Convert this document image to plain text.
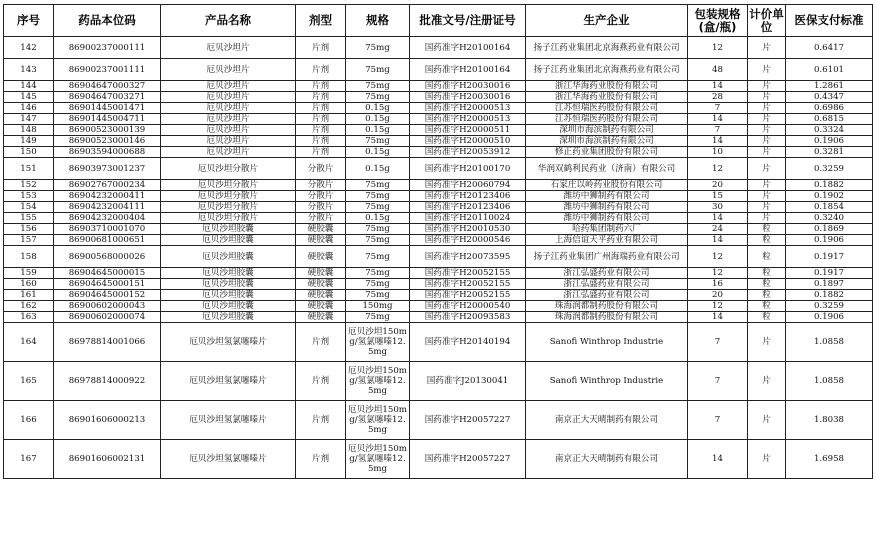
序号	药品本位码	产品名称	剂型	规格	批准文号/注册证号	生产企业	包装规格(盒/瓶)	计价单位	医保支付标准
142	86900237000111	厄贝沙坦片	片剂	75mg	国药准字H20100164	扬子江药业集团北京海燕药业有限公司	12	片	0.6417
143	86900237001111	厄贝沙坦片	片剂	75mg	国药准字H20100164	扬子江药业集团北京海燕药业有限公司	48	片	0.6101
144	86904647000327	厄贝沙坦片	片剂	75mg	国药准字H20030016	浙江华海药业股份有限公司	14	片	1.2861
145	86904647003271	厄贝沙坦片	片剂	75mg	国药准字H20030016	浙江华海药业股份有限公司	28	片	0.4347
146	86901445001471	厄贝沙坦片	片剂	0.15g	国药准字H20000513	江苏恒瑞医药股份有限公司	7	片	0.6986
147	86901445004711	厄贝沙坦片	片剂	0.15g	国药准字H20000513	江苏恒瑞医药股份有限公司	14	片	0.6815
148	86900523000139	厄贝沙坦片	片剂	0.15g	国药准字H20000511	深圳市海滨制药有限公司	7	片	0.3324
149	86900523000146	厄贝沙坦片	片剂	75mg	国药准字H20000510	深圳市海滨制药有限公司	14	片	0.1906
150	86903594000688	厄贝沙坦片	片剂	0.15g	国药准字H20053912	修正药业集团股份有限公司	10	片	0.3281
151	86903973001237	厄贝沙坦分散片	分散片	0.15g	国药准字H20100170	华润双鹤利民药业（济南）有限公司	12	片	0.3259
152	86902767000234	厄贝沙坦分散片	分散片	75mg	国药准字H20060794	石家庄以岭药业股份有限公司	20	片	0.1882
153	86904232000411	厄贝沙坦分散片	分散片	75mg	国药准字H20123406	潍坊中狮制药有限公司	15	片	0.1902
154	86904232004111	厄贝沙坦分散片	分散片	75mg	国药准字H20123406	潍坊中狮制药有限公司	30	片	0.1854
155	86904232000404	厄贝沙坦分散片	分散片	0.15g	国药准字H20110024	潍坊中狮制药有限公司	14	片	0.3240
156	86903710001070	厄贝沙坦胶囊	硬胶囊	75mg	国药准字H20010530	哈药集团制药六厂	24	粒	0.1869
157	86900681000651	厄贝沙坦胶囊	硬胶囊	75mg	国药准字H20000546	上海信谊天平药业有限公司	14	粒	0.1906
158	86900568000026	厄贝沙坦胶囊	硬胶囊	75mg	国药准字H20073595	扬子江药业集团广州海瑞药业有限公司	12	粒	0.1917
159	86904645000015	厄贝沙坦胶囊	硬胶囊	75mg	国药准字H20052155	浙江弘盛药业有限公司	12	粒	0.1917
160	86904645000151	厄贝沙坦胶囊	硬胶囊	75mg	国药准字H20052155	浙江弘盛药业有限公司	16	粒	0.1897
161	86904645000152	厄贝沙坦胶囊	硬胶囊	75mg	国药准字H20052155	浙江弘盛药业有限公司	20	粒	0.1882
162	86900602000043	厄贝沙坦胶囊	硬胶囊	150mg	国药准字H20000540	珠海润都制药股份有限公司	12	粒	0.3259
163	86900602000074	厄贝沙坦胶囊	硬胶囊	75mg	国药准字H20093583	珠海润都制药股份有限公司	14	粒	0.1906
164	86978814001066	厄贝沙坦氢氯噻嗪片	片剂	厄贝沙坦150mg/氢氯噻嗪12.5mg	国药准字H20140194	Sanofi Winthrop Industrie	7	片	1.0858
165	86978814000922	厄贝沙坦氢氯噻嗪片	片剂	厄贝沙坦150mg/氢氯噻嗪12.5mg	国药准字J20130041	Sanofi Winthrop Industrie	7	片	1.0858
166	86901606000213	厄贝沙坦氢氯噻嗪片	片剂	厄贝沙坦150mg/氢氯噻嗪12.5mg	国药准字H20057227	南京正大天晴制药有限公司	7	片	1.8038
167	86901606002131	厄贝沙坦氢氯噻嗪片	片剂	厄贝沙坦150mg/氢氯噻嗪12.5mg	国药准字H20057227	南京正大天晴制药有限公司	14	片	1.6958
